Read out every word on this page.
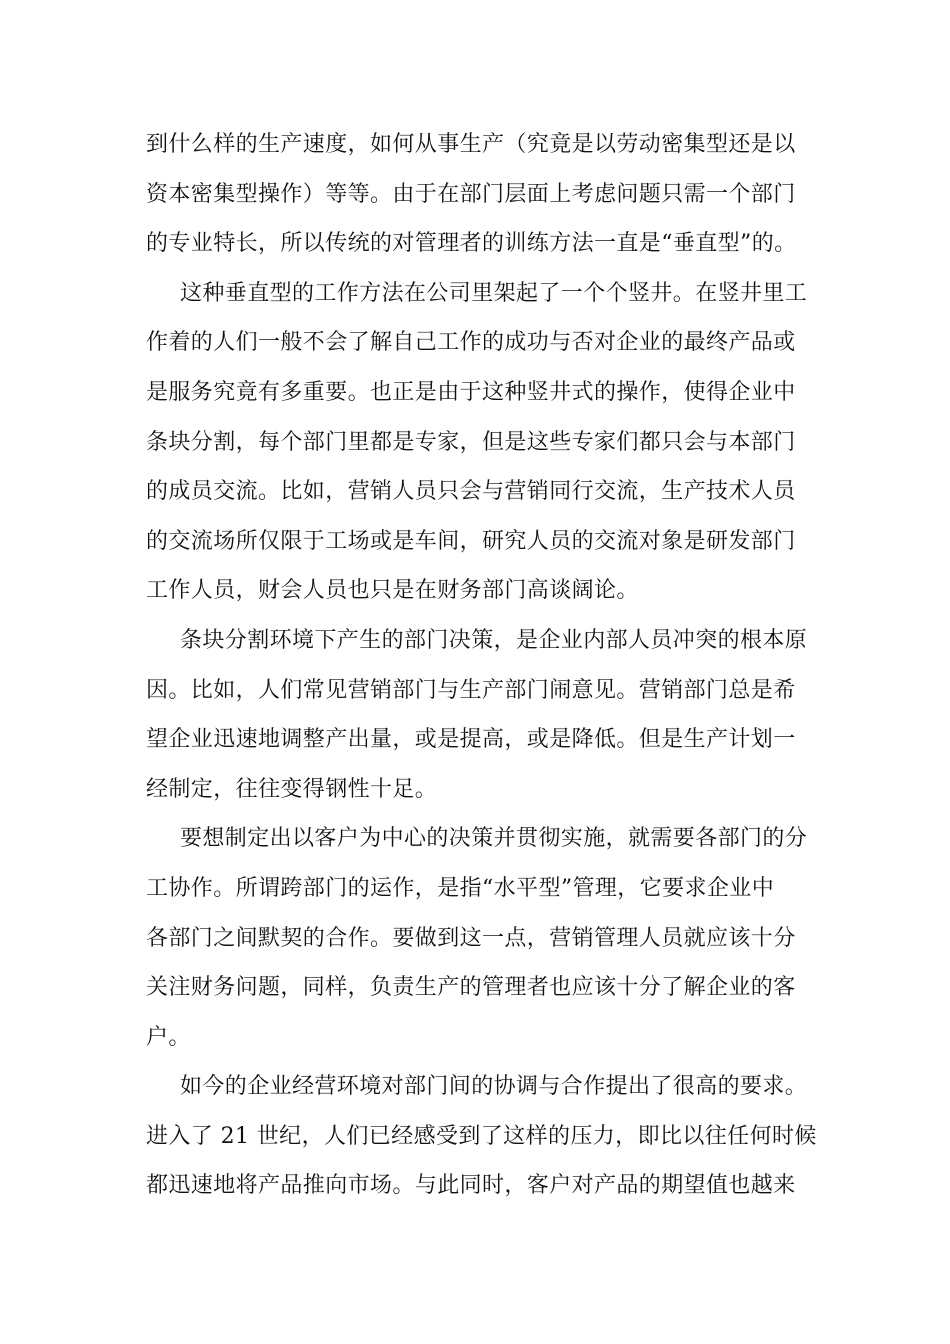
到什么样的生产速度，如何从事生产（究竟是以劳动密集型还是以
资本密集型操作）等等。由于在部门层面上考虑问题只需一个部门
的专业特长，所以传统的对管理者的训练方法一直是“垂直型”的。
这种垂直型的工作方法在公司里架起了一个个竖井。在竖井里工
作着的人们一般不会了解自己工作的成功与否对企业的最终产品或
是服务究竟有多重要。也正是由于这种竖井式的操作，使得企业中
条块分割，每个部门里都是专家，但是这些专家们都只会与本部门
的成员交流。比如，营销人员只会与营销同行交流，生产技术人员
的交流场所仅限于工场或是车间，研究人员的交流对象是研发部门
工作人员，财会人员也只是在财务部门高谈阔论。
条块分割环境下产生的部门决策，是企业内部人员冲突的根本原
因。比如，人们常见营销部门与生产部门闹意见。营销部门总是希
望企业迅速地调整产出量，或是提高，或是降低。但是生产计划一
经制定，往往变得钢性十足。
要想制定出以客户为中心的决策并贯彻实施，就需要各部门的分
工协作。所谓跨部门的运作，是指“水平型”管理，它要求企业中
各部门之间默契的合作。要做到这一点，营销管理人员就应该十分
关注财务问题，同样，负责生产的管理者也应该十分了解企业的客
户。
如今的企业经营环境对部门间的协调与合作提出了很高的要求。
进入了 21 世纪，人们已经感受到了这样的压力，即比以往任何时候
都迅速地将产品推向市场。与此同时，客户对产品的期望值也越来
